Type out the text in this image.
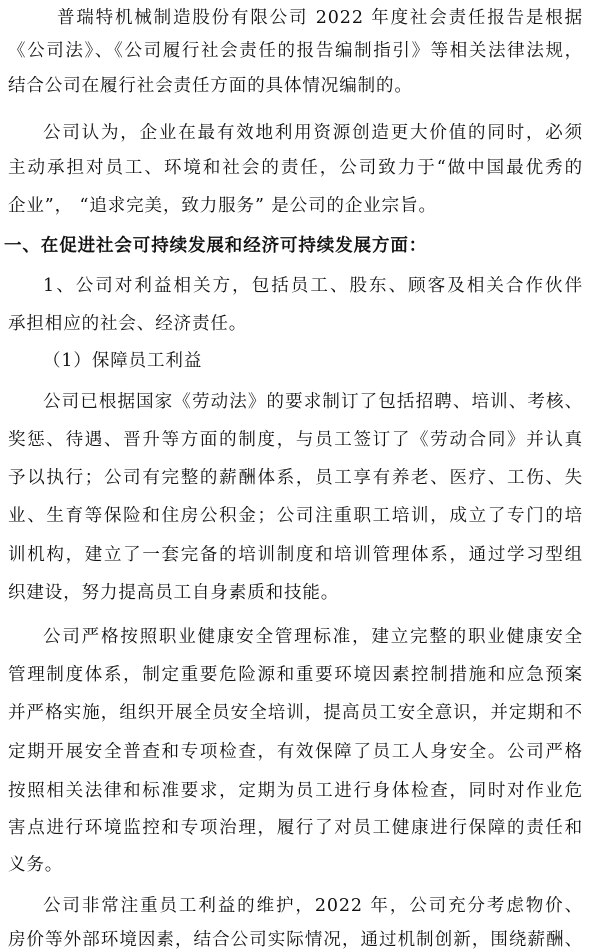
普瑞特机械制造股份有限公司 2022 年度社会责任报告是根据
《公司法》、《公司履行社会责任的报告编制指引》等相关法律法规，
结合公司在履行社会责任方面的具体情况编制的。
公司认为，企业在最有效地利用资源创造更大价值的同时，必须
主动承担对员工、环境和社会的责任，公司致力于“做中国最优秀的
企业”， “追求完美，致力服务” 是公司的企业宗旨。
一、在促进社会可持续发展和经济可持续发展方面：
1、公司对利益相关方，包括员工、股东、顾客及相关合作伙伴
承担相应的社会、经济责任。
（1）保障员工利益
公司已根据国家《劳动法》的要求制订了包括招聘、培训、考核、
奖惩、待遇、晋升等方面的制度，与员工签订了《劳动合同》并认真
予以执行；公司有完整的薪酬体系，员工享有养老、医疗、工伤、失
业、生育等保险和住房公积金；公司注重职工培训，成立了专门的培
训机构，建立了一套完备的培训制度和培训管理体系，通过学习型组
织建设，努力提高员工自身素质和技能。
公司严格按照职业健康安全管理标准，建立完整的职业健康安全
管理制度体系，制定重要危险源和重要环境因素控制措施和应急预案
并严格实施，组织开展全员安全培训，提高员工安全意识，并定期和不
定期开展安全普查和专项检查，有效保障了员工人身安全。公司严格
按照相关法律和标准要求，定期为员工进行身体检查，同时对作业危
害点进行环境监控和专项治理，履行了对员工健康进行保障的责任和
义务。
公司非常注重员工利益的维护，2022 年，公司充分考虑物价、
房价等外部环境因素，结合公司实际情况，通过机制创新，围绕薪酬、
